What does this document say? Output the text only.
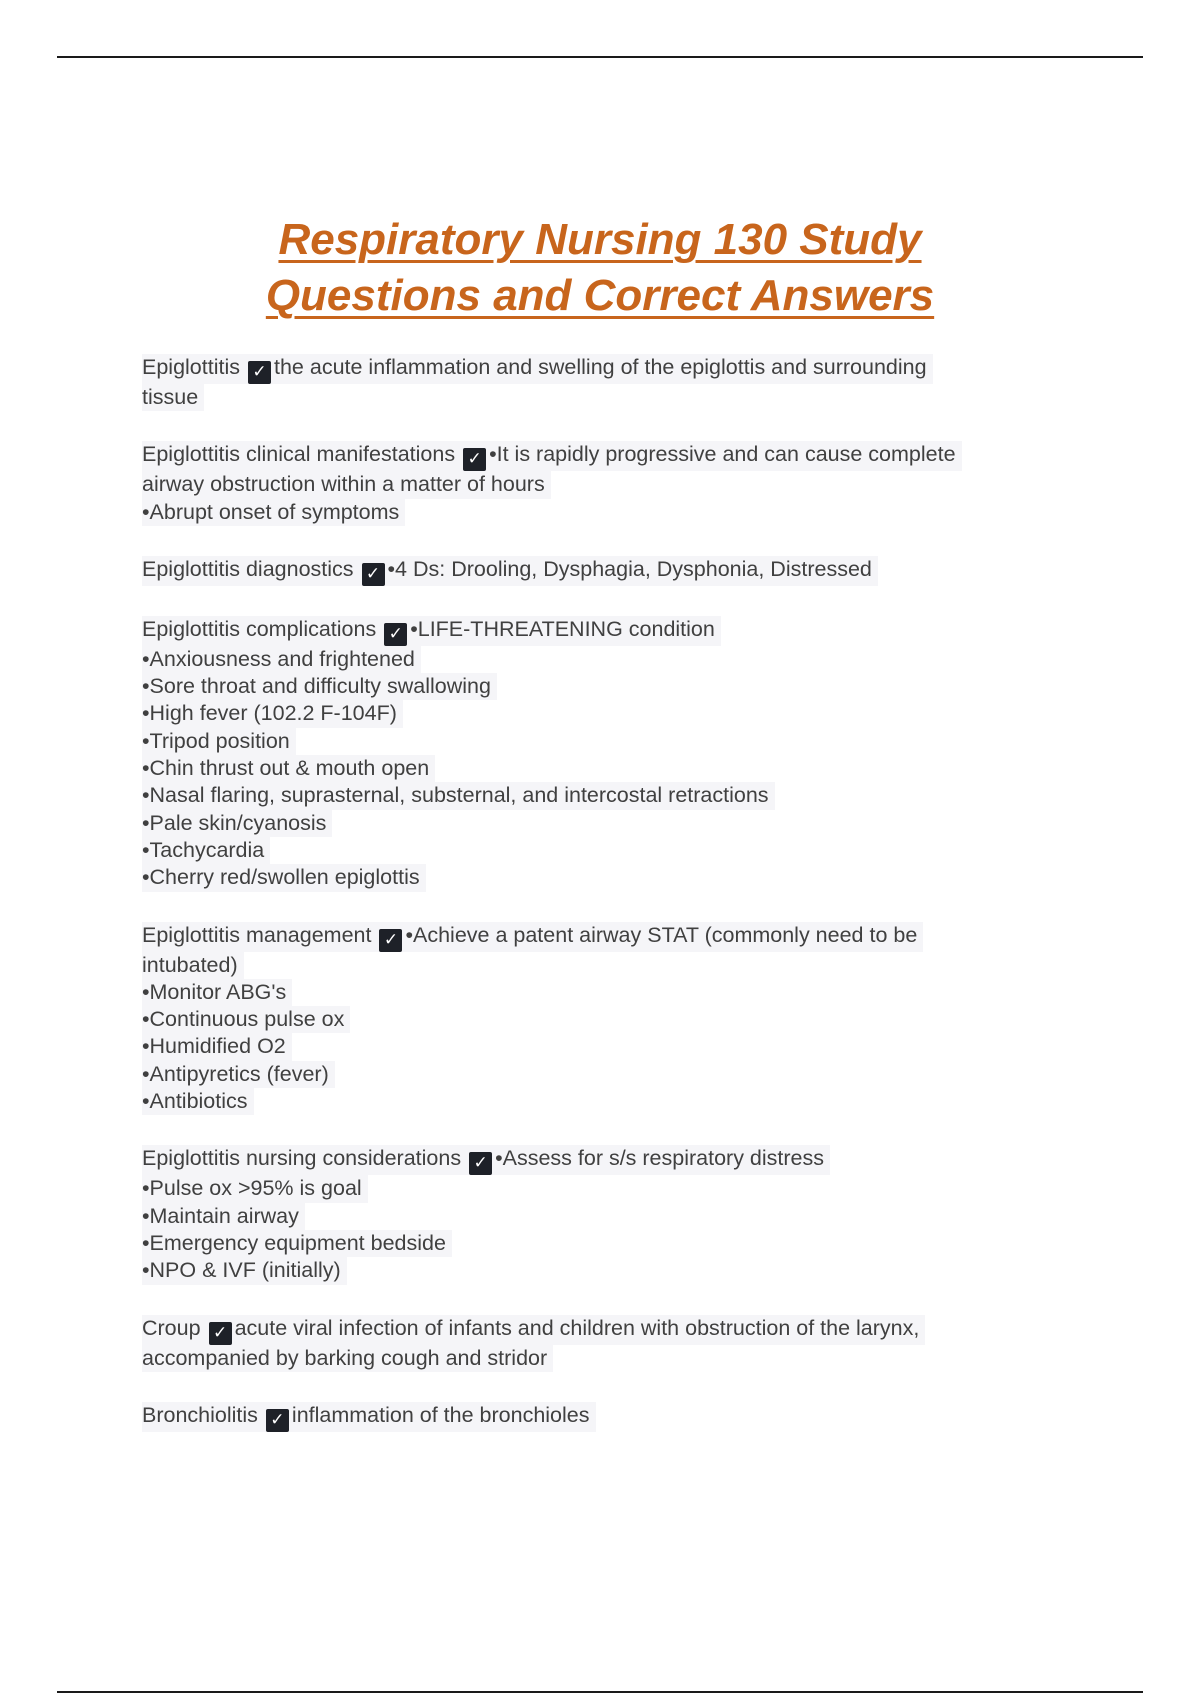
Respiratory Nursing 130 Study
Questions and Correct Answers
Epiglottitis ✓ the acute inflammation and swelling of the epiglottis and surrounding
tissue
Epiglottitis clinical manifestations ✓ •It is rapidly progressive and can cause complete
airway obstruction within a matter of hours
•Abrupt onset of symptoms
Epiglottitis diagnostics ✓ •4 Ds: Drooling, Dysphagia, Dysphonia, Distressed
Epiglottitis complications ✓ •LIFE-THREATENING condition
•Anxiousness and frightened
•Sore throat and difficulty swallowing
•High fever (102.2 F-104F)
•Tripod position
•Chin thrust out & mouth open
•Nasal flaring, suprasternal, substernal, and intercostal retractions
•Pale skin/cyanosis
•Tachycardia
•Cherry red/swollen epiglottis
Epiglottitis management ✓ •Achieve a patent airway STAT (commonly need to be
intubated)
•Monitor ABG's
•Continuous pulse ox
•Humidified O2
•Antipyretics (fever)
•Antibiotics
Epiglottitis nursing considerations ✓ •Assess for s/s respiratory distress
•Pulse ox >95% is goal
•Maintain airway
•Emergency equipment bedside
•NPO & IVF (initially)
Croup ✓ acute viral infection of infants and children with obstruction of the larynx,
accompanied by barking cough and stridor
Bronchiolitis ✓ inflammation of the bronchioles
